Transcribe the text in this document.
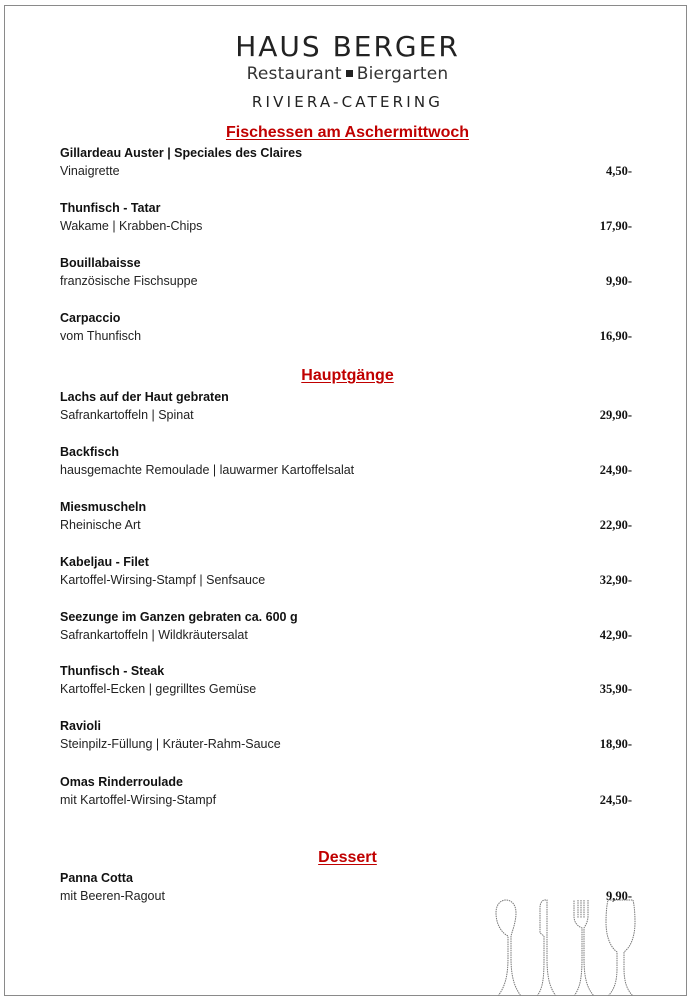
HAUS BERGER
Restaurant Biergarten
RIVIERA-CATERING
Fischessen am Aschermittwoch
Gillardeau Auster | Speciales des Claires
Vinaigrette	4,50-
Thunfisch - Tatar
Wakame | Krabben-Chips	17,90-
Bouillabaisse
französische Fischsuppe	9,90-
Carpaccio
vom Thunfisch	16,90-
Hauptgänge
Lachs auf der Haut gebraten
Safrankartoffeln | Spinat	29,90-
Backfisch
hausgemachte Remoulade | lauwarmer Kartoffelsalat	24,90-
Miesmuscheln
Rheinische Art	22,90-
Kabeljau - Filet
Kartoffel-Wirsing-Stampf | Senfsauce	32,90-
Seezunge im Ganzen gebraten ca. 600 g
Safrankartoffeln | Wildkräutersalat	42,90-
Thunfisch - Steak
Kartoffel-Ecken | gegrilltes Gemüse	35,90-
Ravioli
Steinpilz-Füllung | Kräuter-Rahm-Sauce	18,90-
Omas Rinderroulade
mit Kartoffel-Wirsing-Stampf	24,50-
Dessert
Panna Cotta
mit Beeren-Ragout	9,90-
